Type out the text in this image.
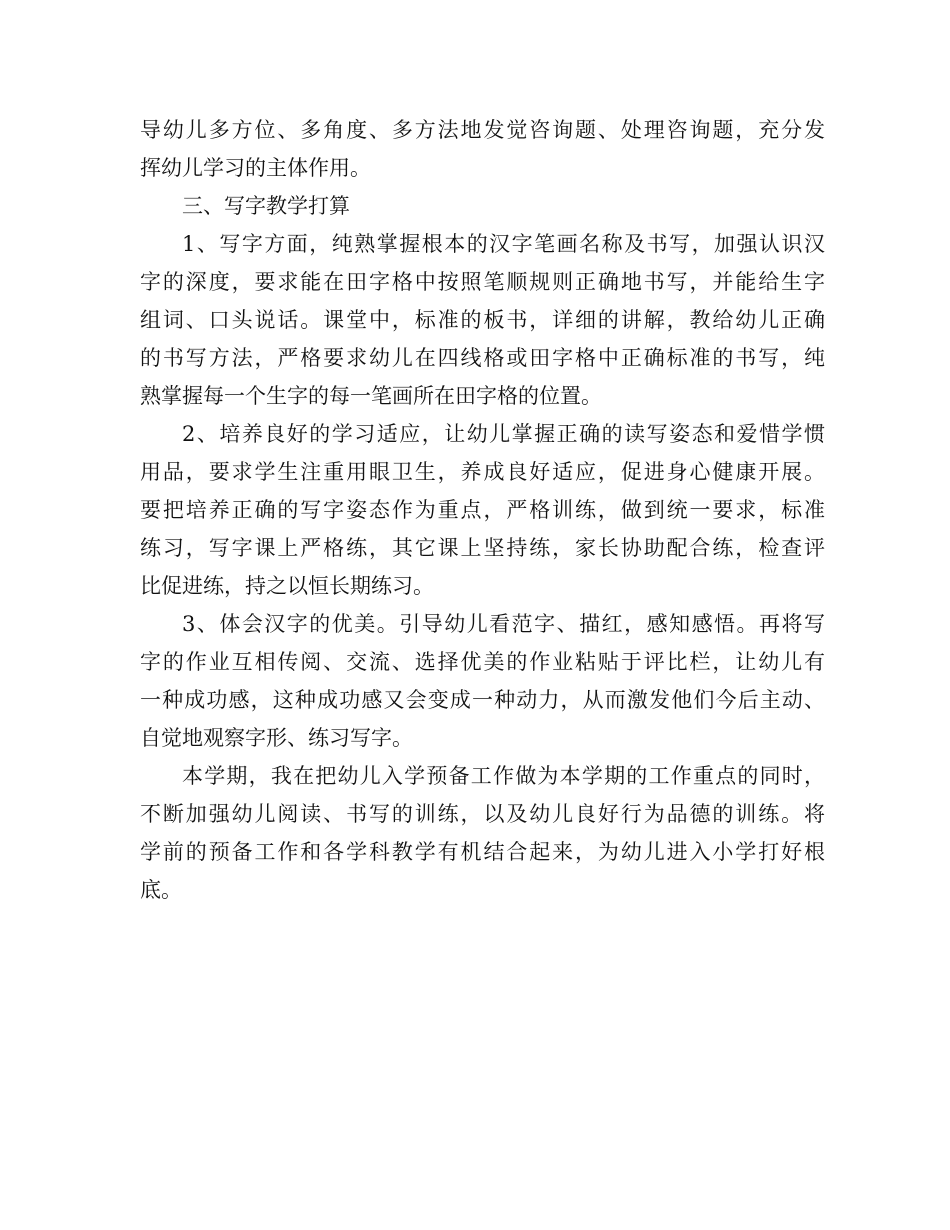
导幼儿多方位、多角度、多方法地发觉咨询题、处理咨询题，充分发
挥幼儿学习的主体作用。
三、写字教学打算
1、写字方面，纯熟掌握根本的汉字笔画名称及书写，加强认识汉
字的深度，要求能在田字格中按照笔顺规则正确地书写，并能给生字
组词、口头说话。课堂中，标准的板书，详细的讲解，教给幼儿正确
的书写方法，严格要求幼儿在四线格或田字格中正确标准的书写，纯
熟掌握每一个生字的每一笔画所在田字格的位置。
2、培养良好的学习适应，让幼儿掌握正确的读写姿态和爱惜学惯
用品，要求学生注重用眼卫生，养成良好适应，促进身心健康开展。
要把培养正确的写字姿态作为重点，严格训练，做到统一要求，标准
练习，写字课上严格练，其它课上坚持练，家长协助配合练，检查评
比促进练，持之以恒长期练习。
3、体会汉字的优美。引导幼儿看范字、描红，感知感悟。再将写
字的作业互相传阅、交流、选择优美的作业粘贴于评比栏，让幼儿有
一种成功感，这种成功感又会变成一种动力，从而激发他们今后主动、
自觉地观察字形、练习写字。
本学期，我在把幼儿入学预备工作做为本学期的工作重点的同时，
不断加强幼儿阅读、书写的训练，以及幼儿良好行为品德的训练。将
学前的预备工作和各学科教学有机结合起来，为幼儿进入小学打好根
底。
